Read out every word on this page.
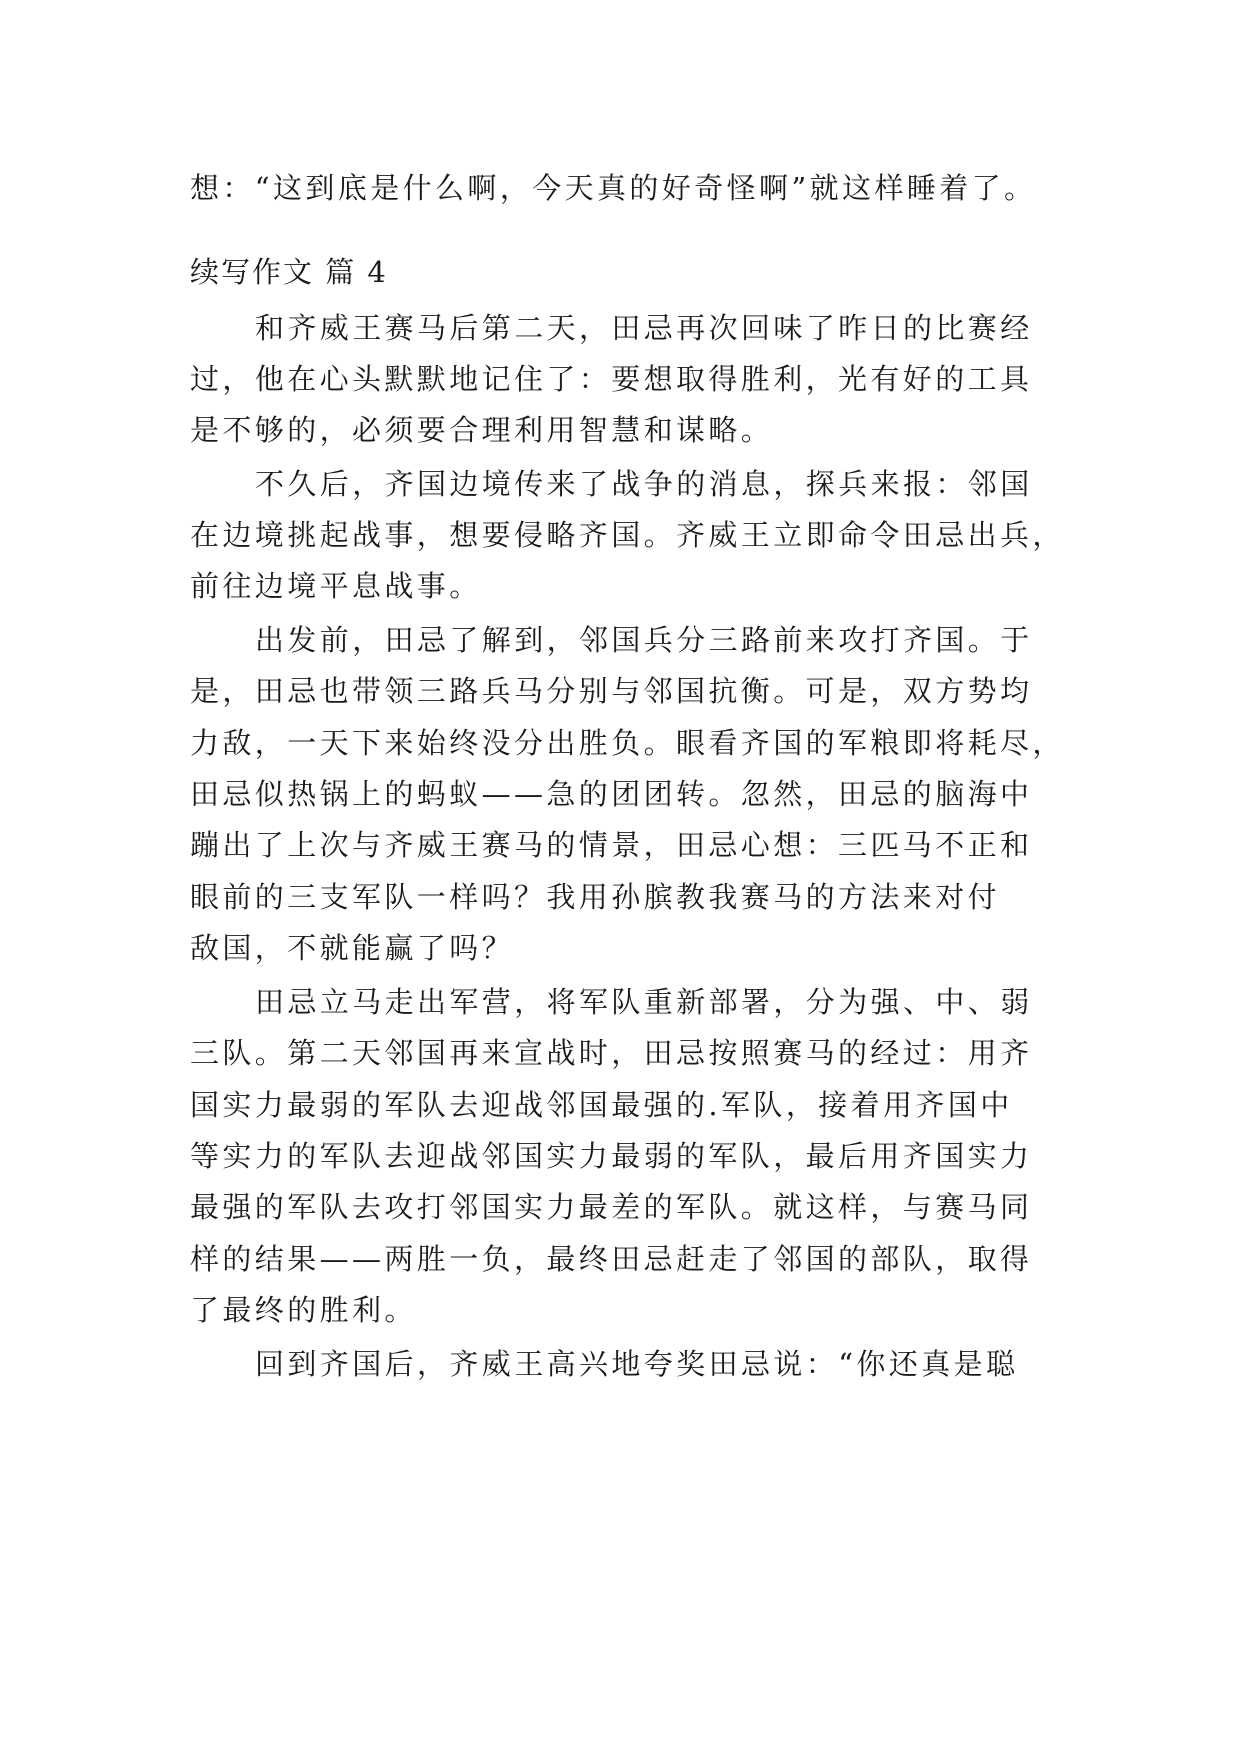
想：“这到底是什么啊，今天真的好奇怪啊”就这样睡着了。
续写作文 篇 4
和齐威王赛马后第二天，田忌再次回味了昨日的比赛经
过，他在心头默默地记住了：要想取得胜利，光有好的工具
是不够的，必须要合理利用智慧和谋略。
不久后，齐国边境传来了战争的消息，探兵来报：邻国
在边境挑起战事，想要侵略齐国。齐威王立即命令田忌出兵，
前往边境平息战事。
出发前，田忌了解到，邻国兵分三路前来攻打齐国。于
是，田忌也带领三路兵马分别与邻国抗衡。可是，双方势均
力敌，一天下来始终没分出胜负。眼看齐国的军粮即将耗尽，
田忌似热锅上的蚂蚁——急的团团转。忽然，田忌的脑海中
蹦出了上次与齐威王赛马的情景，田忌心想：三匹马不正和
眼前的三支军队一样吗？我用孙膑教我赛马的方法来对付
敌国，不就能赢了吗？
田忌立马走出军营，将军队重新部署，分为强、中、弱
三队。第二天邻国再来宣战时，田忌按照赛马的经过：用齐
国实力最弱的军队去迎战邻国最强的.军队，接着用齐国中
等实力的军队去迎战邻国实力最弱的军队，最后用齐国实力
最强的军队去攻打邻国实力最差的军队。就这样，与赛马同
样的结果——两胜一负，最终田忌赶走了邻国的部队，取得
了最终的胜利。
回到齐国后，齐威王高兴地夸奖田忌说：“你还真是聪
